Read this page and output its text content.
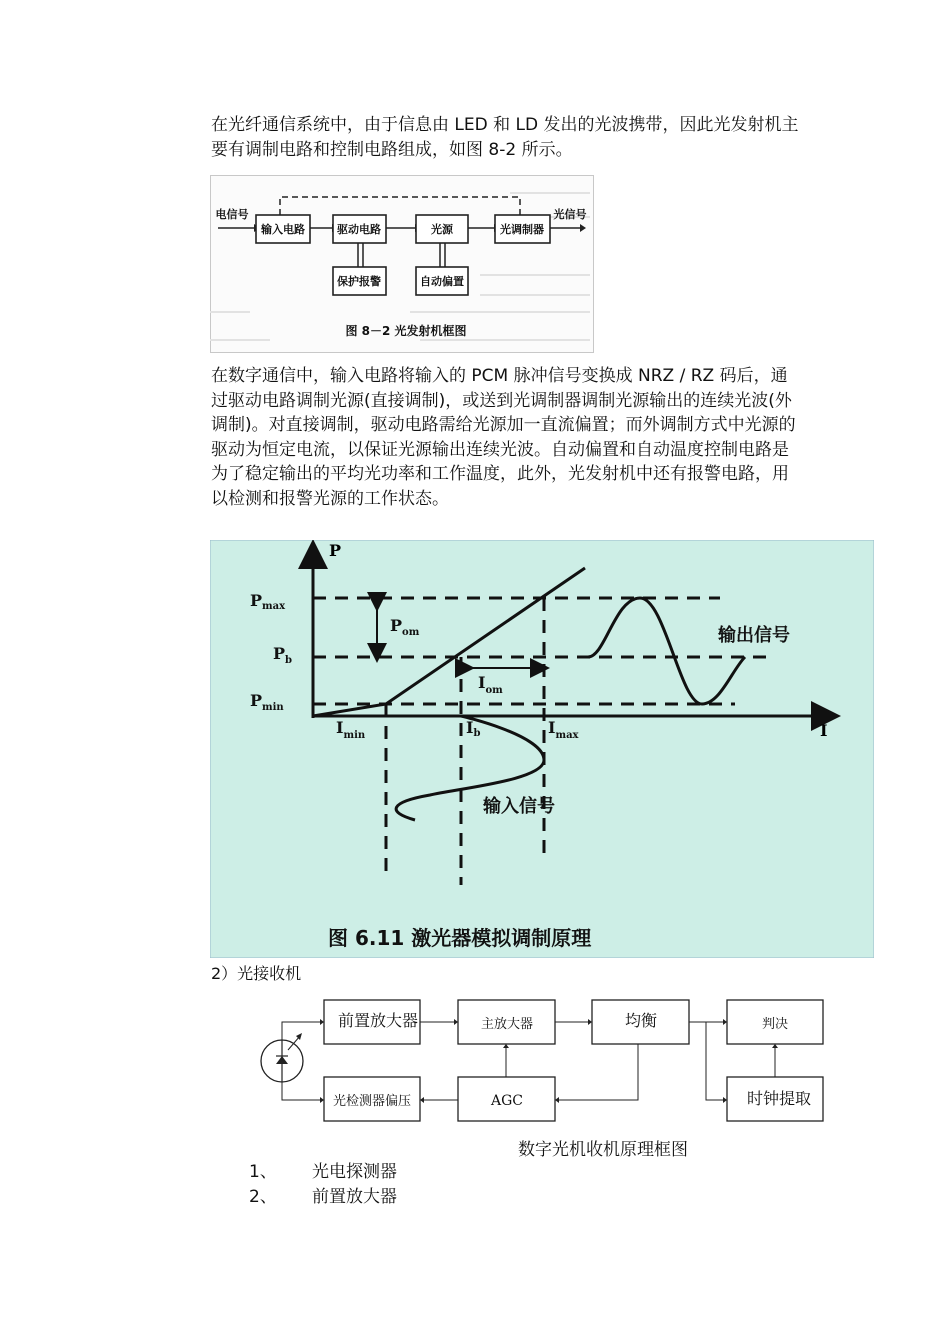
在光纤通信系统中，由于信息由 LED 和 LD 发出的光波携带，因此光发射机主要有调制电路和控制电路组成，如图 8-2 所示。
电信号	光信号
输入电路	驱动电路	光源	光调制器
保护报警	自动偏置
图 8－2 光发射机框图
在数字通信中，输入电路将输入的 PCM 脉冲信号变换成 NRZ / RZ 码后，通过驱动电路调制光源(直接调制)，或送到光调制器调制光源输出的连续光波(外调制)。对直接调制，驱动电路需给光源加一直流偏置；而外调制方式中光源的驱动为恒定电流，以保证光源输出连续光波。自动偏置和自动温度控制电路是为了稳定输出的平均光功率和工作温度，此外，光发射机中还有报警电路，用以检测和报警光源的工作状态。
P
I
Pmax
$P_b$
$P_{min}$
$P_{om}$
$I_{min}$	Ib	$I_{max}$
$I_{om}$
输出信号
输入信号
图 6.11 激光器模拟调制原理
2）光接收机
前置放大器	主放大器	均衡	判决
光检测器偏压	AGC	时钟提取
数字光机收机原理框图
1、 光电探测器
2、 前置放大器
